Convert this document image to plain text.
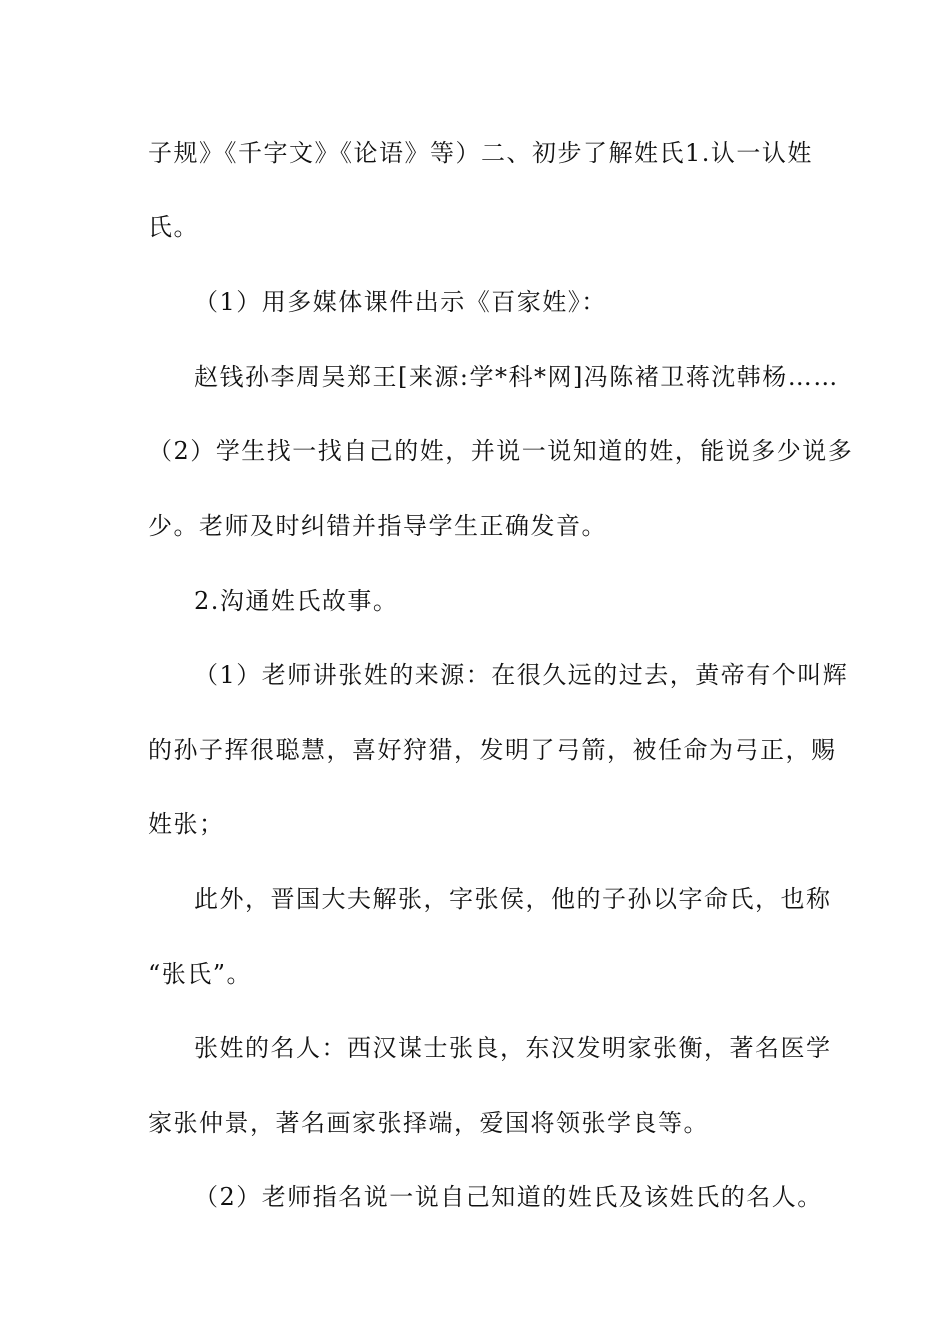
子规》《千字文》《论语》等）二、初步了解姓氏1.认一认姓
氏。
（1）用多媒体课件出示《百家姓》：
赵钱孙李周吴郑王[来源:学*科*网]冯陈褚卫蒋沈韩杨……
（2）学生找一找自己的姓，并说一说知道的姓，能说多少说多
少。老师及时纠错并指导学生正确发音。
2.沟通姓氏故事。
（1）老师讲张姓的来源：在很久远的过去，黄帝有个叫辉
的孙子挥很聪慧，喜好狩猎，发明了弓箭，被任命为弓正，赐
姓张；
此外，晋国大夫解张，字张侯，他的子孙以字命氏，也称
“张氏”。
张姓的名人：西汉谋士张良，东汉发明家张衡，著名医学
家张仲景，著名画家张择端，爱国将领张学良等。
（2）老师指名说一说自己知道的姓氏及该姓氏的名人。
